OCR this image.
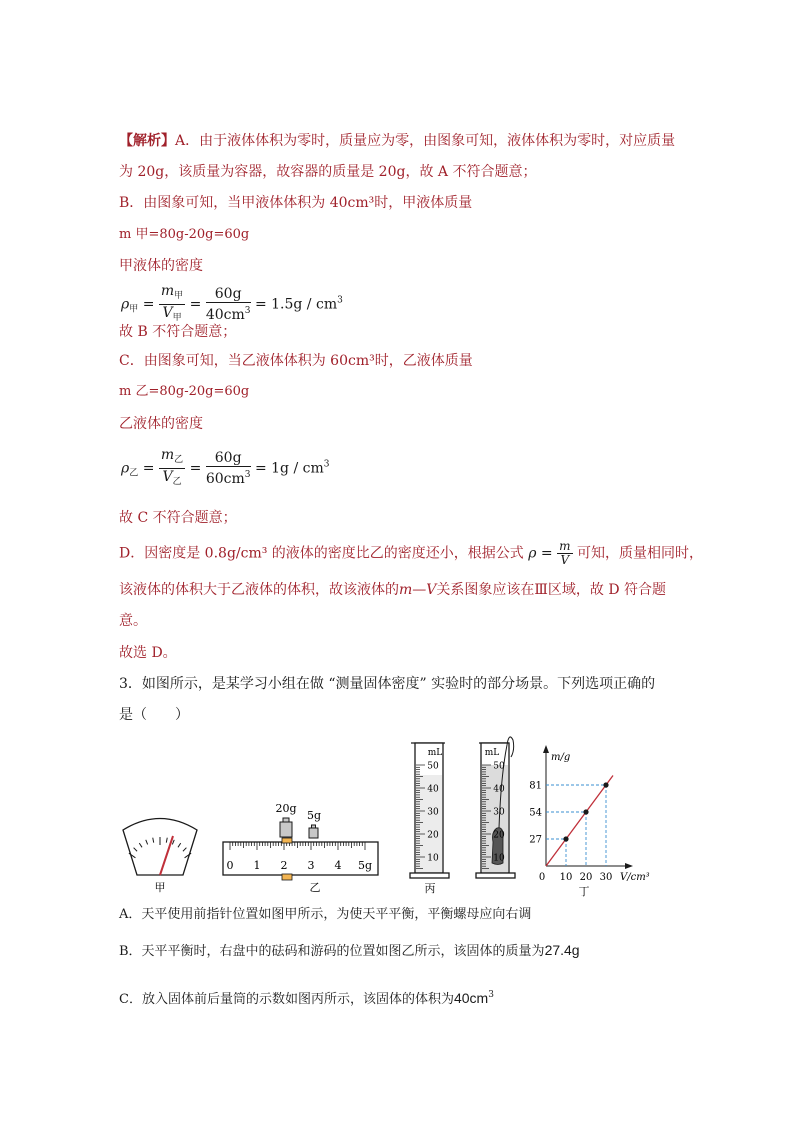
【解析】A．由于液体体积为零时，质量应为零，由图象可知，液体体积为零时，对应质量
为 20g，该质量为容器，故容器的质量是 20g，故 A 不符合题意；
B．由图象可知，当甲液体体积为 40cm³时，甲液体质量
m 甲=80g-20g=60g
甲液体的密度
$\rho_甲 = \frac{m_甲}{V_甲} = \frac{60g}{40cm^3} = 1.5g / cm^3$
故 B 不符合题意；
C．由图象可知，当乙液体体积为 60cm³时，乙液体质量
m 乙=80g-20g=60g
乙液体的密度
$\rho_乙 = \frac{m_乙}{V_乙} = \frac{60g}{60cm^3} = 1g / cm^3$
故 C 不符合题意；
D．因密度是 0.8g/cm³ 的液体的密度比乙的密度还小，根据公式 $\rho = \frac{m}{V}$ 可知，质量相同时，
该液体的体积大于乙液体的体积，故该液体的m—V关系图象应该在Ⅲ区域，故 D 符合题
意。
故选 D。
3．如图所示，是某学习小组在做 “测量固体密度” 实验时的部分场景。下列选项正确的
是（　　）
甲
20g
5g
0 1 2 3 4 5g
乙
mL
50
40
30
20
10
丙
mL
50
40
30
20
10
m/g
V/cm³
0
81
54
27
10 20 30
丁
A．天平使用前指针位置如图甲所示，为使天平平衡，平衡螺母应向右调
B．天平平衡时，右盘中的砝码和游码的位置如图乙所示，该固体的质量为27.4g
C．放入固体前后量筒的示数如图丙所示，该固体的体积为$40cm^3$
